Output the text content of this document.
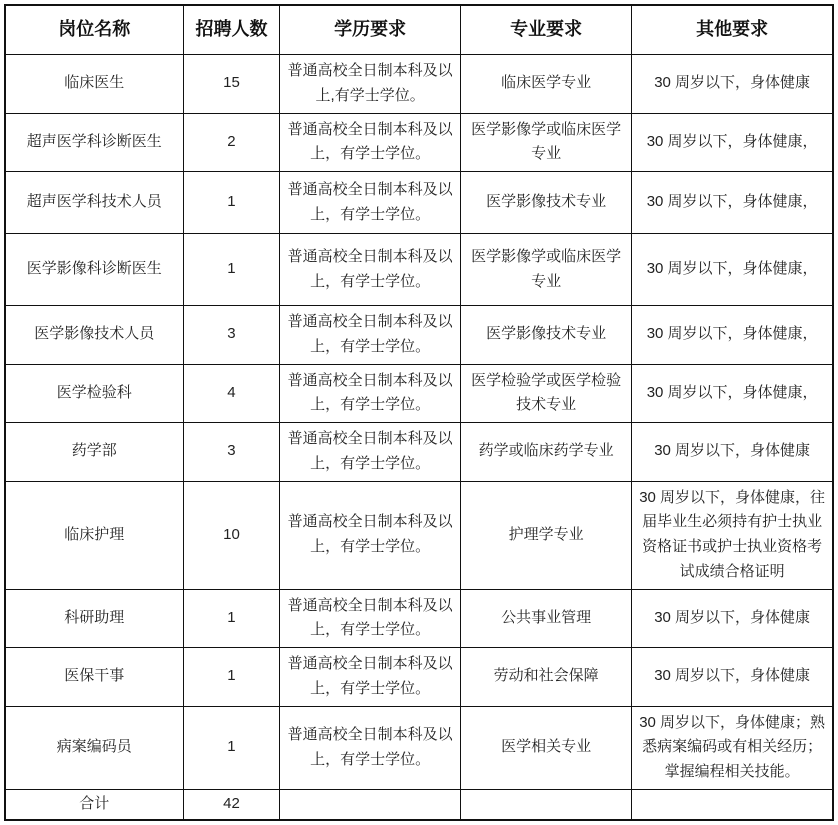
岗位名称	招聘人数	学历要求	专业要求	其他要求
临床医生	15	普通高校全日制本科及以上,有学士学位。	临床医学专业	30 周岁以下，身体健康
超声医学科诊断医生	2	普通高校全日制本科及以上，有学士学位。	医学影像学或临床医学专业	30 周岁以下，身体健康，
超声医学科技术人员	1	普通高校全日制本科及以上，有学士学位。	医学影像技术专业	30 周岁以下，身体健康，
医学影像科诊断医生	1	普通高校全日制本科及以上，有学士学位。	医学影像学或临床医学专业	30 周岁以下，身体健康，
医学影像技术人员	3	普通高校全日制本科及以上，有学士学位。	医学影像技术专业	30 周岁以下，身体健康，
医学检验科	4	普通高校全日制本科及以上，有学士学位。	医学检验学或医学检验技术专业	30 周岁以下，身体健康，
药学部	3	普通高校全日制本科及以上，有学士学位。	药学或临床药学专业	30 周岁以下，身体健康
临床护理	10	普通高校全日制本科及以上，有学士学位。	护理学专业	30 周岁以下，身体健康，往届毕业生必须持有护士执业资格证书或护士执业资格考试成绩合格证明
科研助理	1	普通高校全日制本科及以上，有学士学位。	公共事业管理	30 周岁以下，身体健康
医保干事	1	普通高校全日制本科及以上，有学士学位。	劳动和社会保障	30 周岁以下，身体健康
病案编码员	1	普通高校全日制本科及以上，有学士学位。	医学相关专业	30 周岁以下，身体健康；熟悉病案编码或有相关经历；掌握编程相关技能。
合计	42			
